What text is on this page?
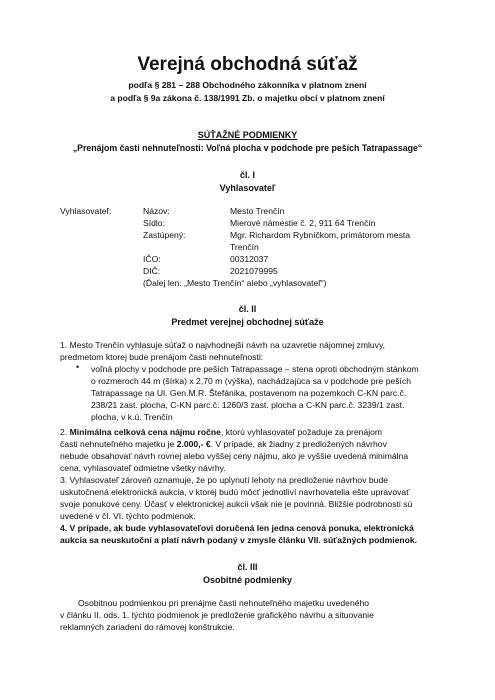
Verejná obchodná súťaž
podľa § 281 – 288 Obchodného zákonníka v platnom znení
a podľa § 9a zákona č. 138/1991 Zb. o majetku obcí v platnom znení
SÚŤAŽNÉ PODMIENKY
„Prenájom časti nehnuteľnosti: Voľná plocha v podchode pre peších Tatrapassage“
čl. I
Vyhlasovateľ
Vyhlasovateľ:	Názov:	Mesto Trenčín
Sídlo:	Mierové námestie č. 2, 911 64 Trenčín
Zastúpený:	Mgr. Richardom Rybníčkom, primátorom mesta
Trenčín
IČO:	00312037
DIČ:	2021079995
(Ďalej len: „Mesto Trenčín“ alebo „vyhlasovateľ“)
čl. II
Predmet verejnej obchodnej súťaže
1. Mesto Trenčín vyhlasuje súťaž o najvhodnejší návrh na uzavretie nájomnej zmluvy,
predmetom ktorej bude prenájom časti nehnuteľnosti:
• voľná plochy v podchode pre peších Tatrapassage – stena oproti obchodným stánkom
o rozmeroch 44 m (šírka) x 2,70 m (výška), nachádzajúca sa v podchode pre peších
Tatrapassage na Ul. Gen.M.R. Štefánika, postavenom na pozemkoch C-KN parc.č.
238/21 zast. plocha, C-KN parc.č. 1260/3 zast. plocha a C-KN parc.č. 3239/1 zast.
plocha, v k.ú. Trenčín
2. Minimálna celková cena nájmu ročne, ktorú vyhlasovateľ požaduje za prenájom
časti nehnuteľného majetku je 2.000,- €. V prípade, ak žiadny z predložených návrhov
nebude obsahovať návrh rovnej alebo vyššej ceny nájmu, ako je vyššie uvedená minimálna
cena, vyhlasovateľ odmietne všetky návrhy.
3. Vyhlasovateľ zároveň oznamuje, že po uplynutí lehoty na predloženie návrhov bude
uskutočnená elektronická aukcia, v ktorej budú môcť jednotliví navrhovatelia ešte upravovať
svoje ponukové ceny. Účasť v elektronickej aukcii však nie je povinná. Bližšie podrobnosti sú
uvedené v čl. VI. týchto podmienok.
4. V prípade, ak bude vyhlasovateľovi doručená len jedna cenová ponuka, elektronická
aukcia sa neuskutoční a platí návrh podaný v zmysle článku VII. súťažných podmienok.
čl. III
Osobitné podmienky
Osobitnou podmienkou pri prenájme časti nehnuteľného majetku uvedeného
v článku II. ods. 1. týchto podmienok je predloženie grafického návrhu a situovanie
reklamných zariadení do rámovej konštrukcie.
